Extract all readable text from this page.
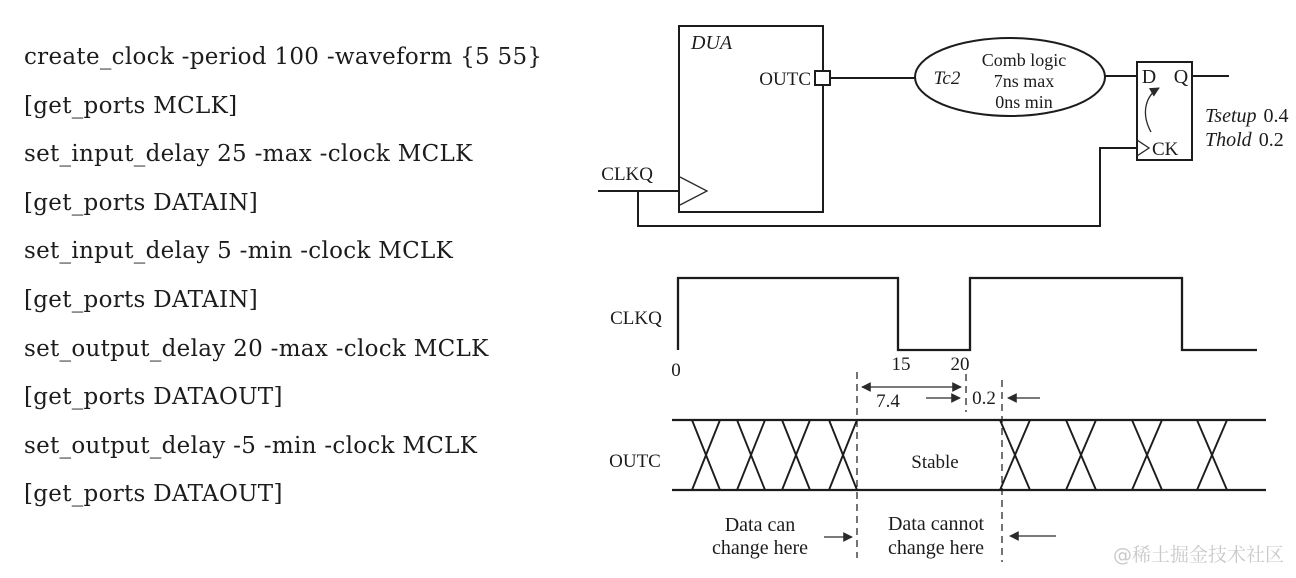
create_clock -period 100 -waveform {5 55}
[get_ports MCLK]
set_input_delay 25 -max -clock MCLK
[get_ports DATAIN]
set_input_delay 5 -min -clock MCLK
[get_ports DATAIN]
set_output_delay 20 -max -clock MCLK
[get_ports DATAOUT]
set_output_delay -5 -min -clock MCLK
[get_ports DATAOUT]
DUA
OUTC
CLKQ
Tc2
Comb logic
7ns max
0ns min
D Q
CK
Tsetup 0.4
Thold 0.2
CLKQ
0	15 20
7.4	0.2
OUTC	Stable
Data can
change here
Data cannot
change here	@稀土掘金技术社区
